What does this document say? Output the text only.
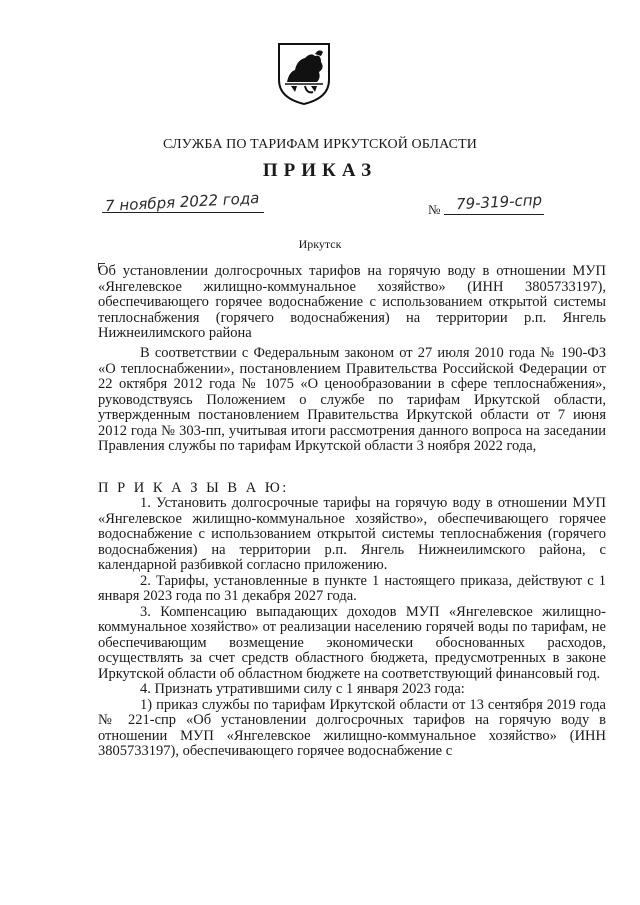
СЛУЖБА ПО ТАРИФАМ ИРКУТСКОЙ ОБЛАСТИ
ПРИКАЗ
7 ноября 2022 года	№ 79-319-спр
Иркутск
Об установлении долгосрочных тарифов на горячую воду в отношении МУП «Янгелевское жилищно-коммунальное хозяйство» (ИНН 3805733197), обеспечивающего горячее водоснабжение с использованием открытой системы теплоснабжения (горячего водоснабжения) на территории р.п. Янгель Нижнеилимского района
В соответствии с Федеральным законом от 27 июля 2010 года № 190-ФЗ «О теплоснабжении», постановлением Правительства Российской Федерации от 22 октября 2012 года № 1075 «О ценообразовании в сфере теплоснабжения», руководствуясь Положением о службе по тарифам Иркутской области, утвержденным постановлением Правительства Иркутской области от 7 июня 2012 года № 303-пп, учитывая итоги рассмотрения данного вопроса на заседании Правления службы по тарифам Иркутской области 3 ноября 2022 года,
П Р И К А З Ы В А Ю:

1. Установить долгосрочные тарифы на горячую воду в отношении МУП «Янгелевское жилищно-коммунальное хозяйство», обеспечивающего горячее водоснабжение с использованием открытой системы теплоснабжения (горячего водоснабжения) на территории р.п. Янгель Нижнеилимского района, с календарной разбивкой согласно приложению.

2. Тарифы, установленные в пункте 1 настоящего приказа, действуют с 1 января 2023 года по 31 декабря 2027 года.

3. Компенсацию выпадающих доходов МУП «Янгелевское жилищно-коммунальное хозяйство» от реализации населению горячей воды по тарифам, не обеспечивающим возмещение экономически обоснованных расходов, осуществлять за счет средств областного бюджета, предусмотренных в законе Иркутской области об областном бюджете на соответствующий финансовый год.

4. Признать утратившими силу с 1 января 2023 года:

1) приказ службы по тарифам Иркутской области от 13 сентября 2019 года № 221-спр «Об установлении долгосрочных тарифов на горячую воду в отношении МУП «Янгелевское жилищно-коммунальное хозяйство» (ИНН 3805733197), обеспечивающего горячее водоснабжение с
